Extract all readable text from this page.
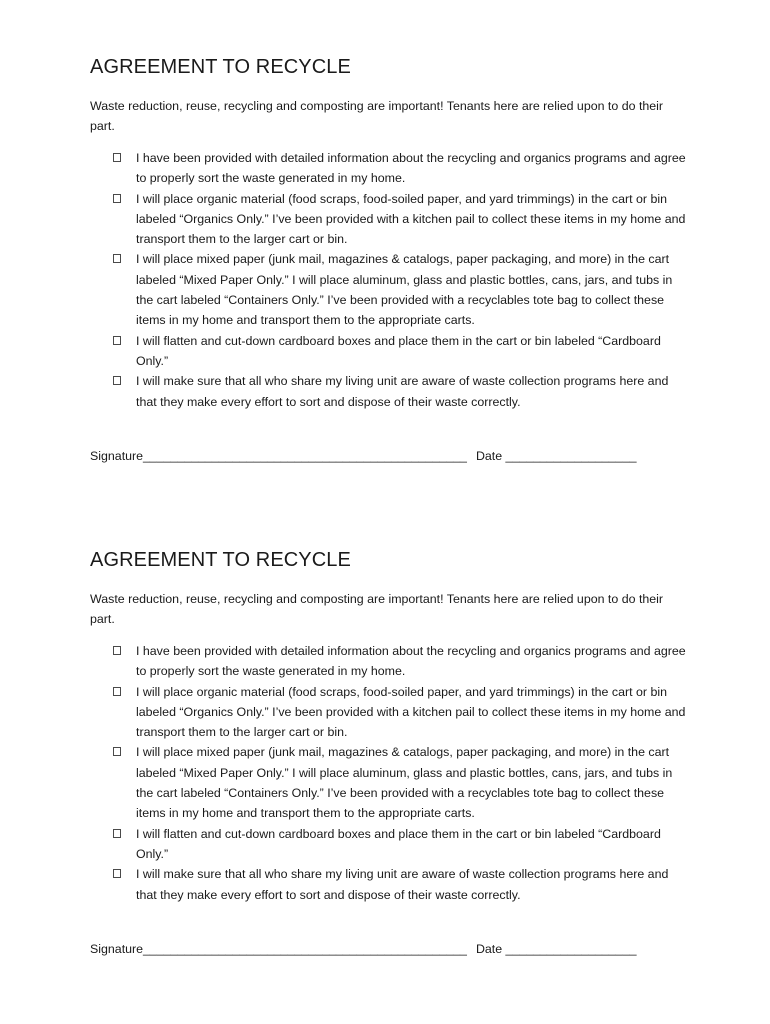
AGREEMENT TO RECYCLE

Waste reduction, reuse, recycling and composting are important! Tenants here are relied upon to do their part.

I have been provided with detailed information about the recycling and organics programs and agree to properly sort the waste generated in my home.
I will place organic material (food scraps, food-soiled paper, and yard trimmings) in the cart or bin labeled “Organics Only.” I’ve been provided with a kitchen pail to collect these items in my home and transport them to the larger cart or bin.
I will place mixed paper (junk mail, magazines & catalogs, paper packaging, and more) in the cart labeled “Mixed Paper Only.” I will place aluminum, glass and plastic bottles, cans, jars, and tubs in the cart labeled “Containers Only.” I’ve been provided with a recyclables tote bag to collect these items in my home and transport them to the appropriate carts.
I will flatten and cut-down cardboard boxes and place them in the cart or bin labeled “Cardboard Only.”
I will make sure that all who share my living unit are aware of waste collection programs here and that they make every effort to sort and dispose of their waste correctly.
Signature_______________________________________________ Date ___________________
AGREEMENT TO RECYCLE

Waste reduction, reuse, recycling and composting are important! Tenants here are relied upon to do their part.

I have been provided with detailed information about the recycling and organics programs and agree to properly sort the waste generated in my home.
I will place organic material (food scraps, food-soiled paper, and yard trimmings) in the cart or bin labeled “Organics Only.” I’ve been provided with a kitchen pail to collect these items in my home and transport them to the larger cart or bin.
I will place mixed paper (junk mail, magazines & catalogs, paper packaging, and more) in the cart labeled “Mixed Paper Only.” I will place aluminum, glass and plastic bottles, cans, jars, and tubs in the cart labeled “Containers Only.” I’ve been provided with a recyclables tote bag to collect these items in my home and transport them to the appropriate carts.
I will flatten and cut-down cardboard boxes and place them in the cart or bin labeled “Cardboard Only.”
I will make sure that all who share my living unit are aware of waste collection programs here and that they make every effort to sort and dispose of their waste correctly.
Signature_______________________________________________ Date ___________________
